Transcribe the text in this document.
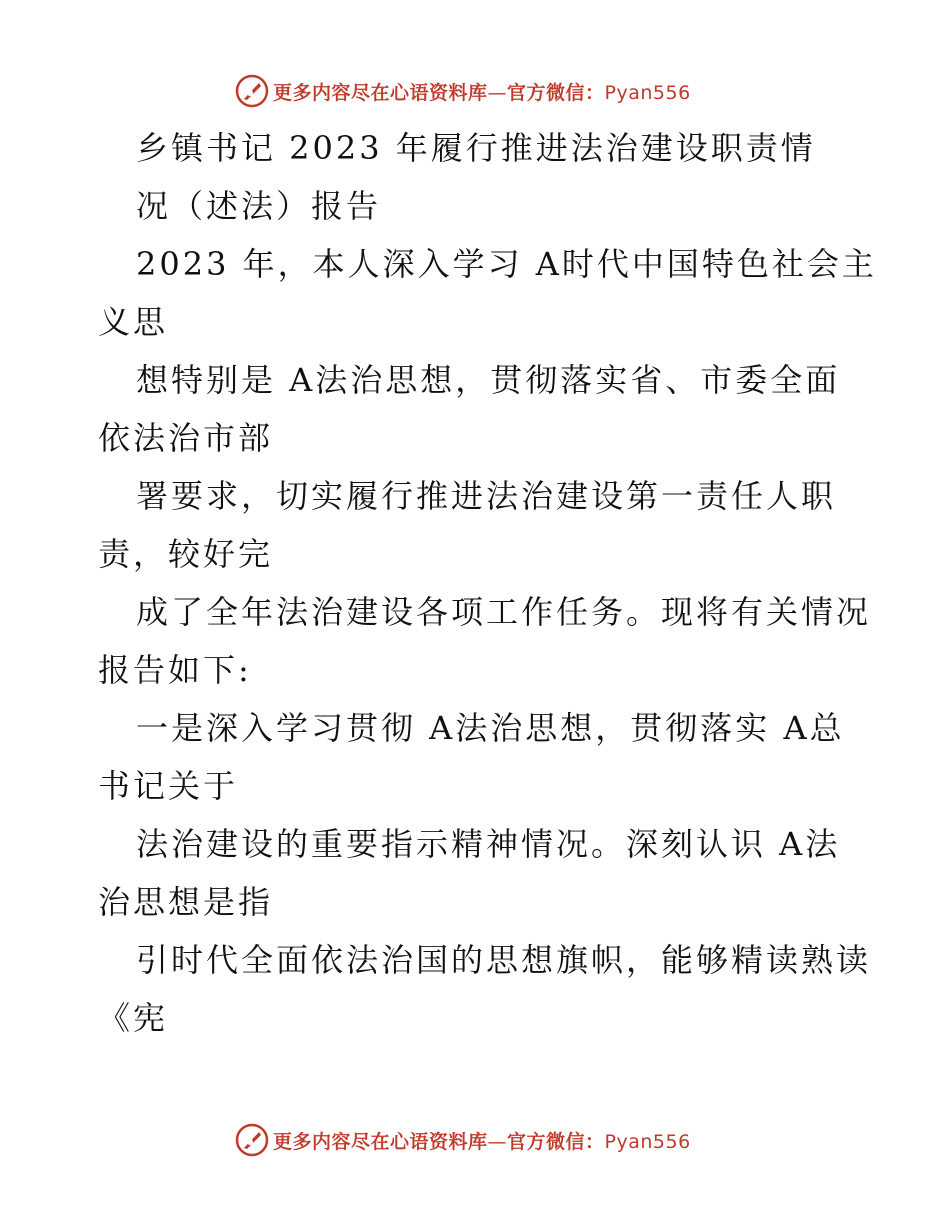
更多内容尽在心语资料库—官方微信：Pyan556
乡镇书记 2023 年履行推进法治建设职责情
况（述法）报告
2023 年，本人深入学习 A时代中国特色社会主
义思
想特别是 A法治思想，贯彻落实省、市委全面
依法治市部
署要求，切实履行推进法治建设第一责任人职
责，较好完
成了全年法治建设各项工作任务。现将有关情况
报告如下:
一是深入学习贯彻 A法治思想，贯彻落实 A总
书记关于
法治建设的重要指示精神情况。深刻认识 A法
治思想是指
引时代全面依法治国的思想旗帜，能够精读熟读
《宪
更多内容尽在心语资料库—官方微信：Pyan556
